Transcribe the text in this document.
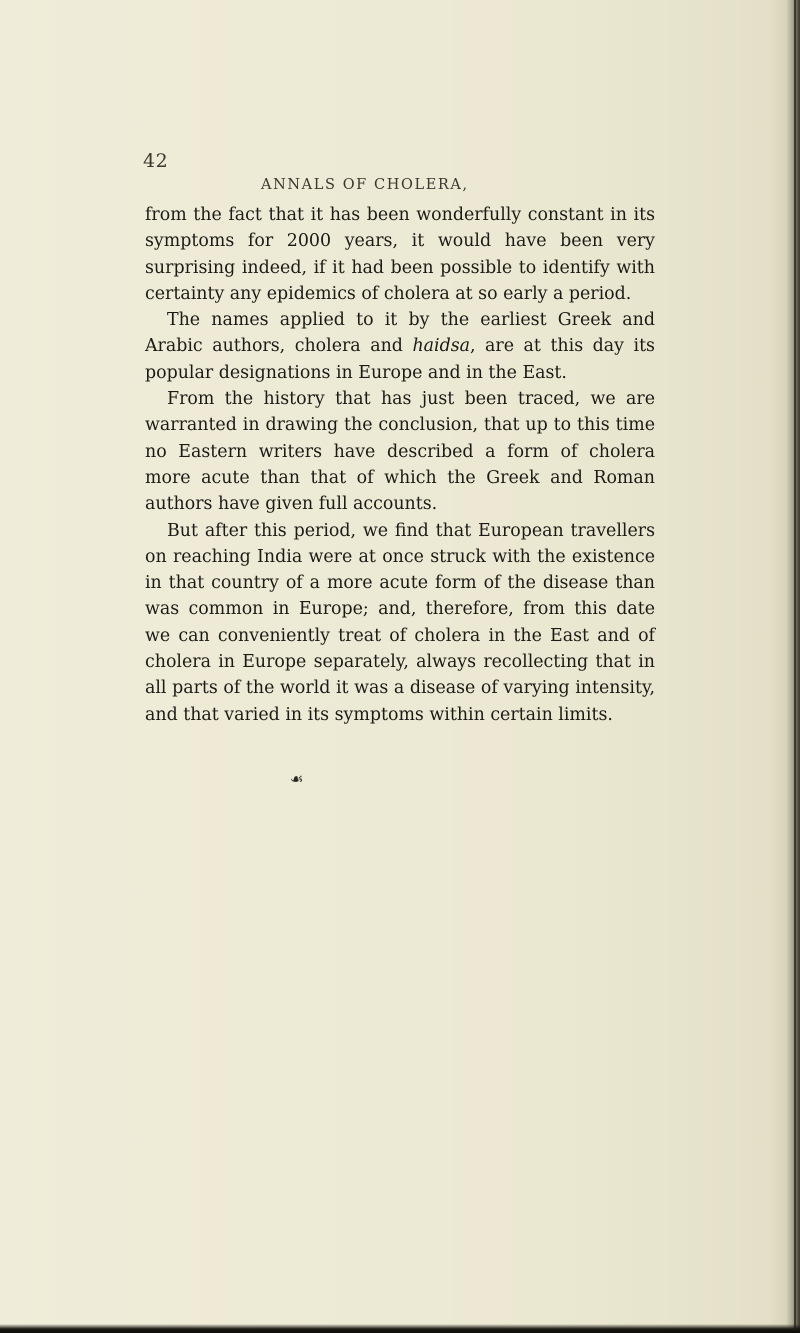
42
ANNALS OF CHOLERA,

from the fact that it has been wonderfully constant in its symptoms for 2000 years, it would have been very surprising indeed, if it had been possible to identify with certainty any epidemics of cholera at so early a period.

The names applied to it by the earliest Greek and Arabic authors, cholera and haidsa, are at this day its popular designations in Europe and in the East.

From the history that has just been traced, we are warranted in drawing the conclusion, that up to this time no Eastern writers have described a form of cholera more acute than that of which the Greek and Roman authors have given full accounts.

But after this period, we find that European travellers on reaching India were at once struck with the existence in that country of a more acute form of the disease than was common in Europe; and, therefore, from this date we can conveniently treat of cholera in the East and of cholera in Europe separately, always recollecting that in all parts of the world it was a disease of varying intensity, and that varied in its symptoms within certain limits.

☙
